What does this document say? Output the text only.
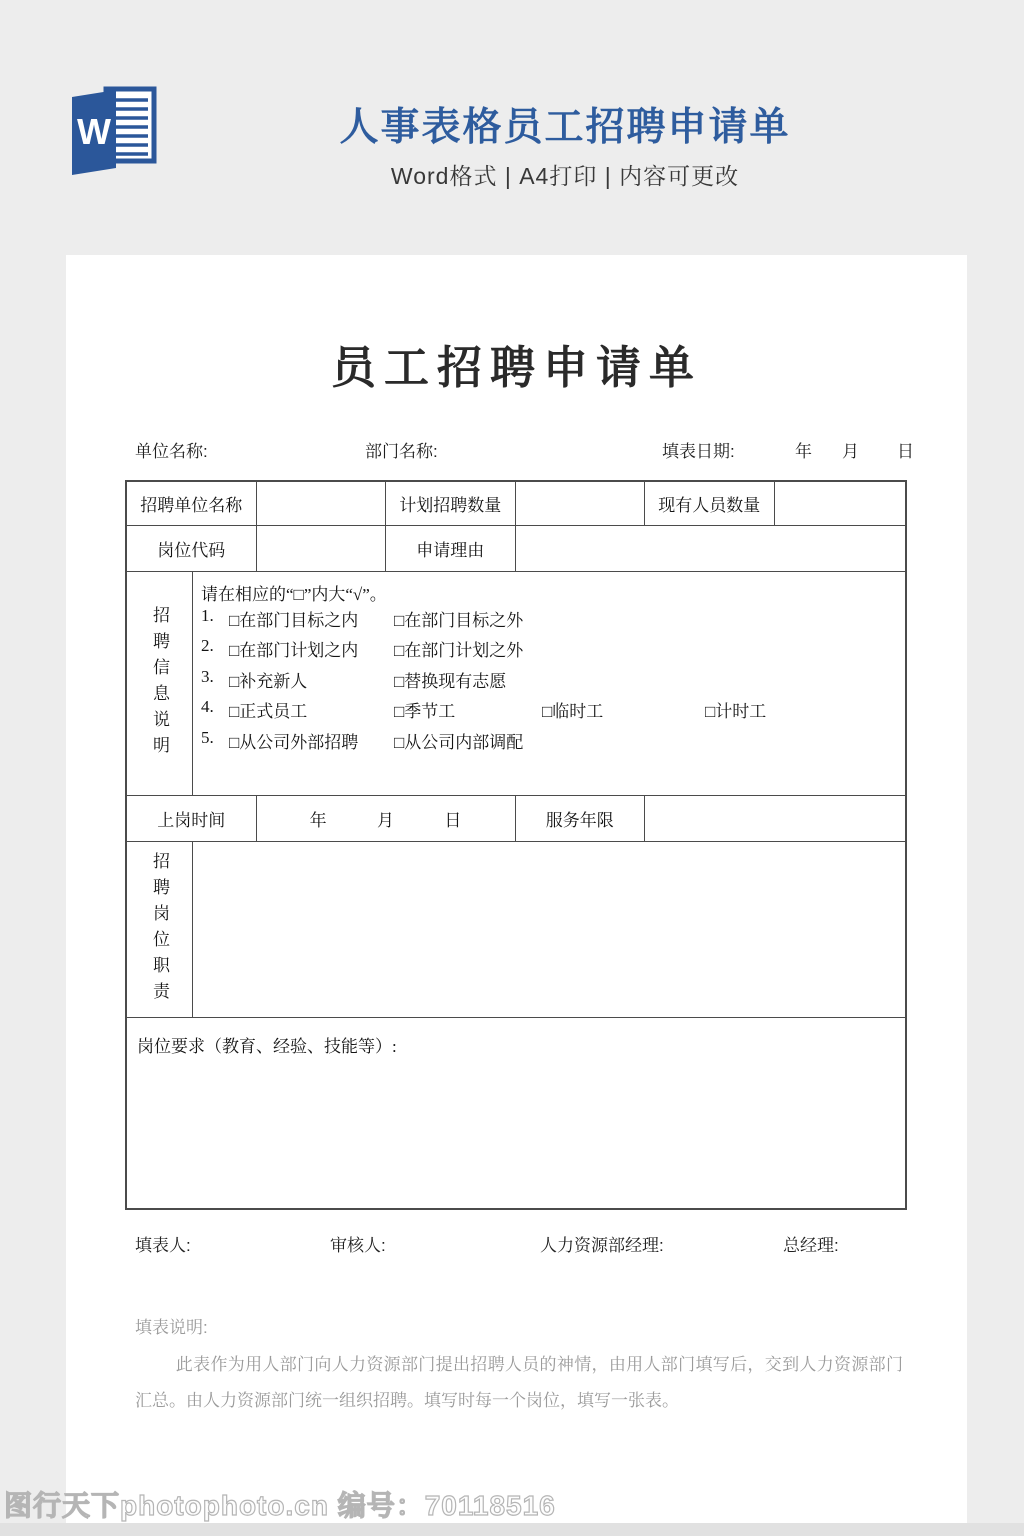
W	人事表格员工招聘申请单
Word格式 | A4打印 | 内容可更改
员工招聘申请单
单位名称:	部门名称:	填表日期:	年 月 日
招聘单位名称	计划招聘数量	现有人员数量
岗位代码	申请理由
招聘信息说明
请在相应的“□”内大“√”。
1. □在部门目标之内 □在部门目标之外
2. □在部门计划之内 □在部门计划之外
3. □补充新人	□替换现有志愿
4. □正式员工	□季节工	□临时工	□计时工
5. □从公司外部招聘 □从公司内部调配
上岗时间	年	月	日	服务年限
招聘岗位职责
岗位要求（教育、经验、技能等）:
填表人:	审核人:	人力资源部经理:	总经理:
填表说明:
此表作为用人部门向人力资源部门提出招聘人员的神情，由用人部门填写后，交到人力资源部门汇总。由人力资源部门统一组织招聘。填写时每一个岗位，填写一张表。
图行天下photophoto.cn 编号：70118516
